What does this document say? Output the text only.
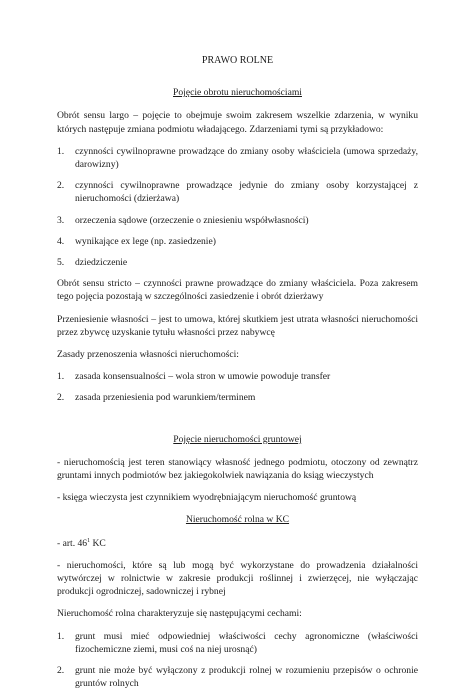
PRAWO ROLNE
Pojęcie obrotu nieruchomościami

Obrót sensu largo – pojęcie to obejmuje swoim zakresem wszelkie zdarzenia, w wyniku których następuje zmiana podmiotu władającego. Zdarzeniami tymi są przykładowo:

1. czynności cywilnoprawne prowadzące do zmiany osoby właściciela (umowa sprzedaży, darowizny)
2. czynności cywilnoprawne prowadzące jedynie do zmiany osoby korzystającej z nieruchomości (dzierżawa)
3. orzeczenia sądowe (orzeczenie o zniesieniu współwłasności)
4. wynikające ex lege (np. zasiedzenie)
5. dziedziczenie

Obrót sensu stricto – czynności prawne prowadzące do zmiany właściciela. Poza zakresem tego pojęcia pozostają w szczególności zasiedzenie i obrót dzierżawy

Przeniesienie własności – jest to umowa, której skutkiem jest utrata własności nieruchomości przez zbywcę uzyskanie tytułu własności przez nabywcę

Zasady przenoszenia własności nieruchomości:

1. zasada konsensualności – wola stron w umowie powoduje transfer
2. zasada przeniesienia pod warunkiem/terminem
Pojęcie nieruchomości gruntowej

- nieruchomością jest teren stanowiący własność jednego podmiotu, otoczony od zewnątrz gruntami innych podmiotów bez jakiegokolwiek nawiązania do ksiąg wieczystych

- księga wieczysta jest czynnikiem wyodrębniającym nieruchomość gruntową

Nieruchomość rolna w KC

- art. $46^1$ KC

- nieruchomości, które są lub mogą być wykorzystane do prowadzenia działalności wytwórczej w rolnictwie w zakresie produkcji roślinnej i zwierzęcej, nie wyłączając produkcji ogrodniczej, sadowniczej i rybnej

Nieruchomość rolna charakteryzuje się następującymi cechami:

1. grunt musi mieć odpowiedniej właściwości cechy agronomiczne (właściwości fizochemiczne ziemi, musi coś na niej urosnąć)
2. grunt nie może być wyłączony z produkcji rolnej w rozumieniu przepisów o ochronie gruntów rolnych
